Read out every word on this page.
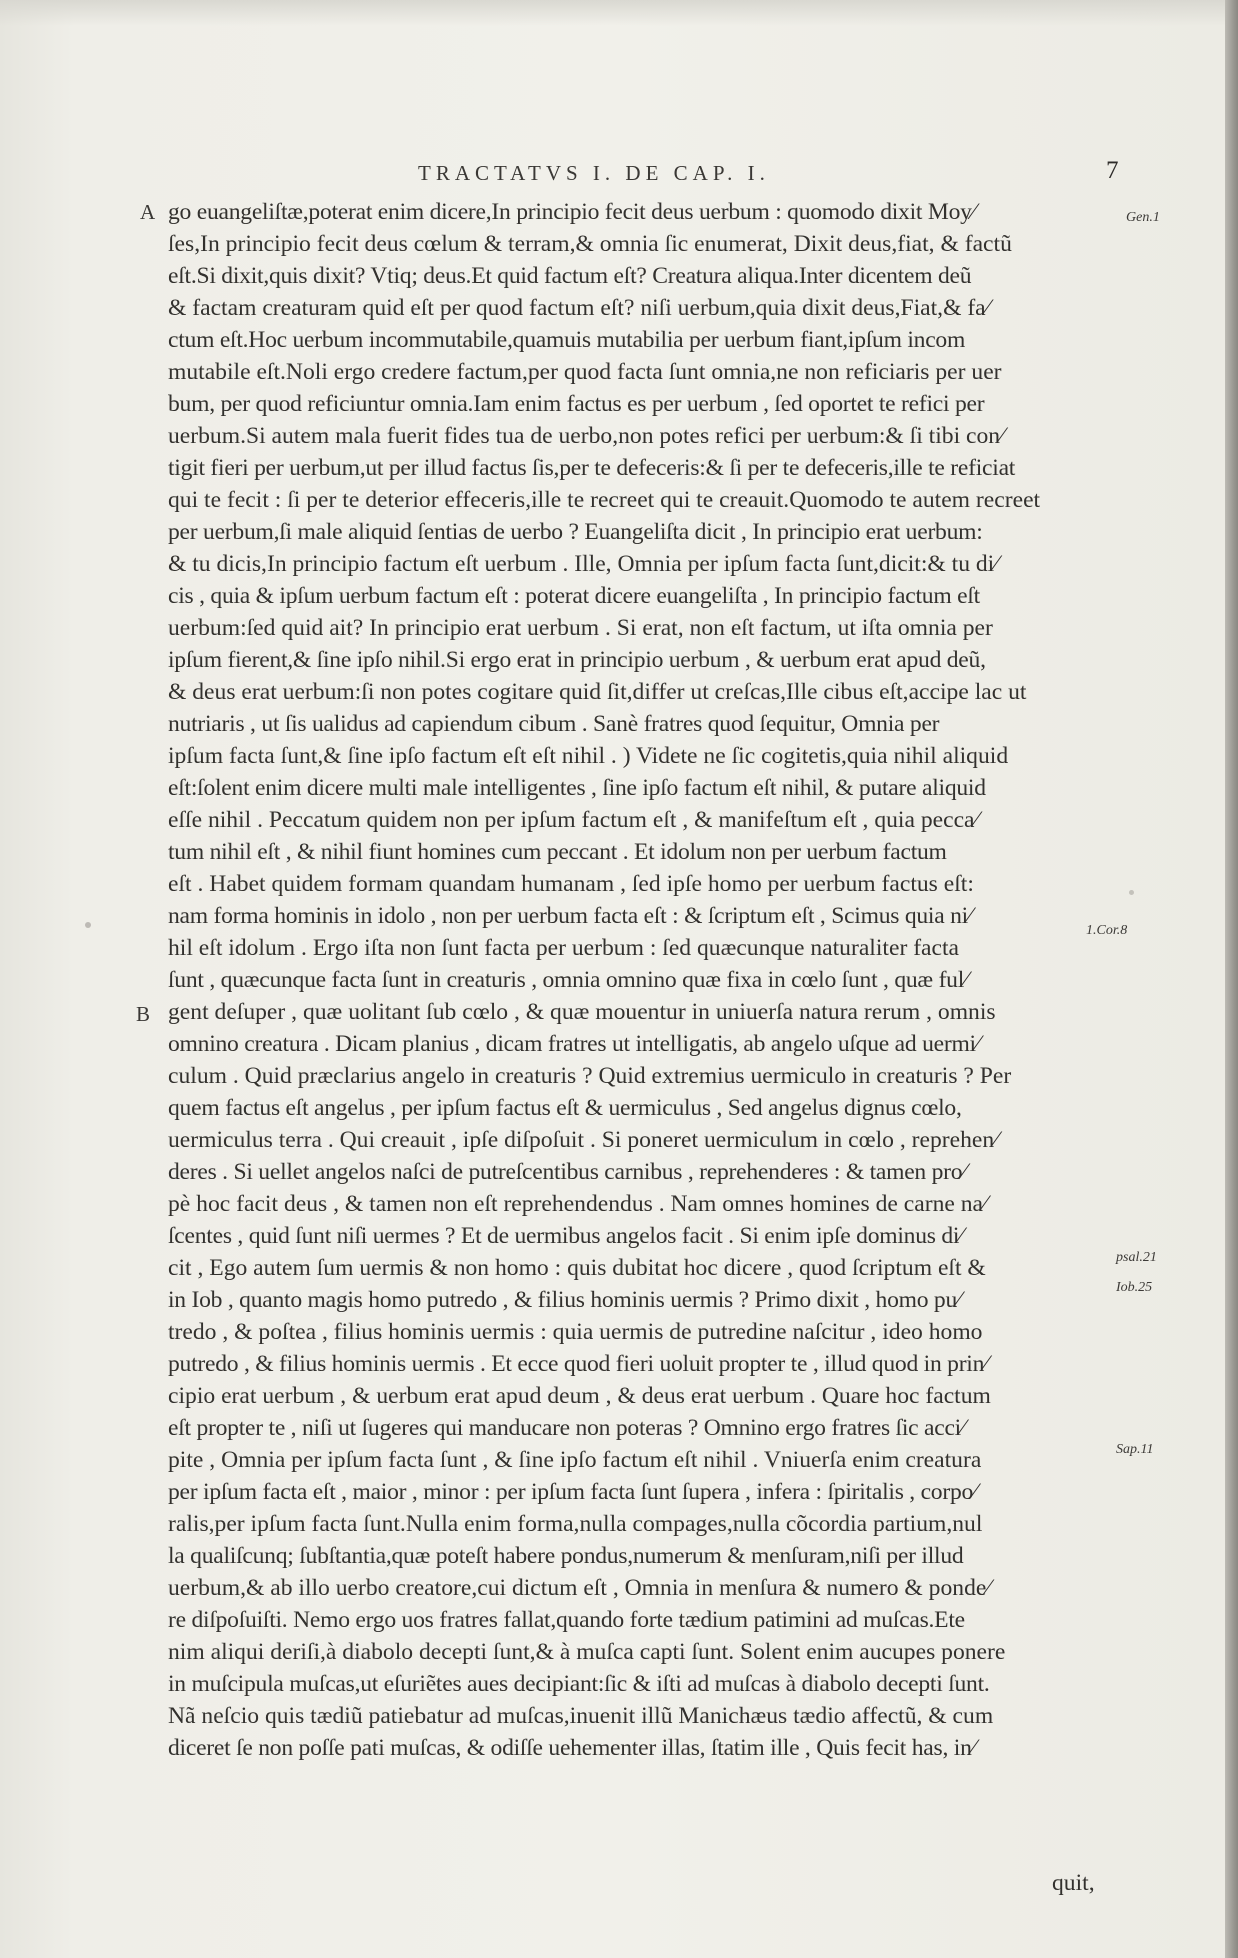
TRACTATVS I. DE CAP. I.	7
A
B
Gen.1
1.Cor.8
psal.21
Iob.25
Sap.11
go euangeliſtæ,poterat enim dicere,In principio fecit deus uerbum : quomodo dixit Moy⁄
ſes,In principio fecit deus cœlum & terram,& omnia ſic enumerat, Dixit deus,fiat, & factũ
eſt.Si dixit,quis dixit? Vtiq; deus.Et quid factum eſt? Creatura aliqua.Inter dicentem deũ
& factam creaturam quid eſt per quod factum eſt? niſi uerbum,quia dixit deus,Fiat,& fa⁄
ctum eſt.Hoc uerbum incommutabile,quamuis mutabilia per uerbum fiant,ipſum incom
mutabile eſt.Noli ergo credere factum,per quod facta ſunt omnia,ne non reficiaris per uer
bum, per quod reficiuntur omnia.Iam enim factus es per uerbum , ſed oportet te refici per
uerbum.Si autem mala fuerit fides tua de uerbo,non potes refici per uerbum:& ſi tibi con⁄
tigit fieri per uerbum,ut per illud factus ſis,per te defeceris:& ſi per te defeceris,ille te reficiat
qui te fecit : ſi per te deterior effeceris,ille te recreet qui te creauit.Quomodo te autem recreet
per uerbum,ſi male aliquid ſentias de uerbo ? Euangeliſta dicit , In principio erat uerbum:
& tu dicis,In principio factum eſt uerbum . Ille, Omnia per ipſum facta ſunt,dicit:& tu di⁄
cis , quia & ipſum uerbum factum eſt : poterat dicere euangeliſta , In principio factum eſt
uerbum:ſed quid ait? In principio erat uerbum . Si erat, non eſt factum, ut iſta omnia per
ipſum fierent,& ſine ipſo nihil.Si ergo erat in principio uerbum , & uerbum erat apud deũ,
& deus erat uerbum:ſi non potes cogitare quid ſit,differ ut creſcas,Ille cibus eſt,accipe lac ut
nutriaris , ut ſis ualidus ad capiendum cibum . Sanè fratres quod ſequitur, Omnia per
ipſum facta ſunt,& ſine ipſo factum eſt eſt nihil . ) Videte ne ſic cogitetis,quia nihil aliquid
eſt:ſolent enim dicere multi male intelligentes , ſine ipſo factum eſt nihil, & putare aliquid
eſſe nihil . Peccatum quidem non per ipſum factum eſt , & manifeſtum eſt , quia pecca⁄
tum nihil eſt , & nihil fiunt homines cum peccant . Et idolum non per uerbum factum
eſt . Habet quidem formam quandam humanam , ſed ipſe homo per uerbum factus eſt:
nam forma hominis in idolo , non per uerbum facta eſt : & ſcriptum eſt , Scimus quia ni⁄
hil eſt idolum . Ergo iſta non ſunt facta per uerbum : ſed quæcunque naturaliter facta
ſunt , quæcunque facta ſunt in creaturis , omnia omnino quæ fixa in cœlo ſunt , quæ ful⁄
gent deſuper , quæ uolitant ſub cœlo , & quæ mouentur in uniuerſa natura rerum , omnis
omnino creatura . Dicam planius , dicam fratres ut intelligatis, ab angelo uſque ad uermi⁄
culum . Quid præclarius angelo in creaturis ? Quid extremius uermiculo in creaturis ? Per
quem factus eſt angelus , per ipſum factus eſt & uermiculus , Sed angelus dignus cœlo,
uermiculus terra . Qui creauit , ipſe diſpoſuit . Si poneret uermiculum in cœlo , reprehen⁄
deres . Si uellet angelos naſci de putreſcentibus carnibus , reprehenderes : & tamen pro⁄
pè hoc facit deus , & tamen non eſt reprehendendus . Nam omnes homines de carne na⁄
ſcentes , quid ſunt niſi uermes ? Et de uermibus angelos facit . Si enim ipſe dominus di⁄
cit , Ego autem ſum uermis & non homo : quis dubitat hoc dicere , quod ſcriptum eſt &
in Iob , quanto magis homo putredo , & filius hominis uermis ? Primo dixit , homo pu⁄
tredo , & poſtea , filius hominis uermis : quia uermis de putredine naſcitur , ideo homo
putredo , & filius hominis uermis . Et ecce quod fieri uoluit propter te , illud quod in prin⁄
cipio erat uerbum , & uerbum erat apud deum , & deus erat uerbum . Quare hoc factum
eſt propter te , niſi ut ſugeres qui manducare non poteras ? Omnino ergo fratres ſic acci⁄
pite , Omnia per ipſum facta ſunt , & ſine ipſo factum eſt nihil . Vniuerſa enim creatura
per ipſum facta eſt , maior , minor : per ipſum facta ſunt ſupera , infera : ſpiritalis , corpo⁄
ralis,per ipſum facta ſunt.Nulla enim forma,nulla compages,nulla cõcordia partium,nul
la qualiſcunq; ſubſtantia,quæ poteſt habere pondus,numerum & menſuram,niſi per illud
uerbum,& ab illo uerbo creatore,cui dictum eſt , Omnia in menſura & numero & ponde⁄
re diſpoſuiſti. Nemo ergo uos fratres fallat,quando forte tædium patimini ad muſcas.Ete
nim aliqui deriſi,à diabolo decepti ſunt,& à muſca capti ſunt. Solent enim aucupes ponere
in muſcipula muſcas,ut eſuriẽtes aues decipiant:ſic & iſti ad muſcas à diabolo decepti ſunt.
Nã neſcio quis tædiũ patiebatur ad muſcas,inuenit illũ Manichæus tædio affectũ, & cum
diceret ſe non poſſe pati muſcas, & odiſſe uehementer illas, ſtatim ille , Quis fecit has, in⁄
quit,
